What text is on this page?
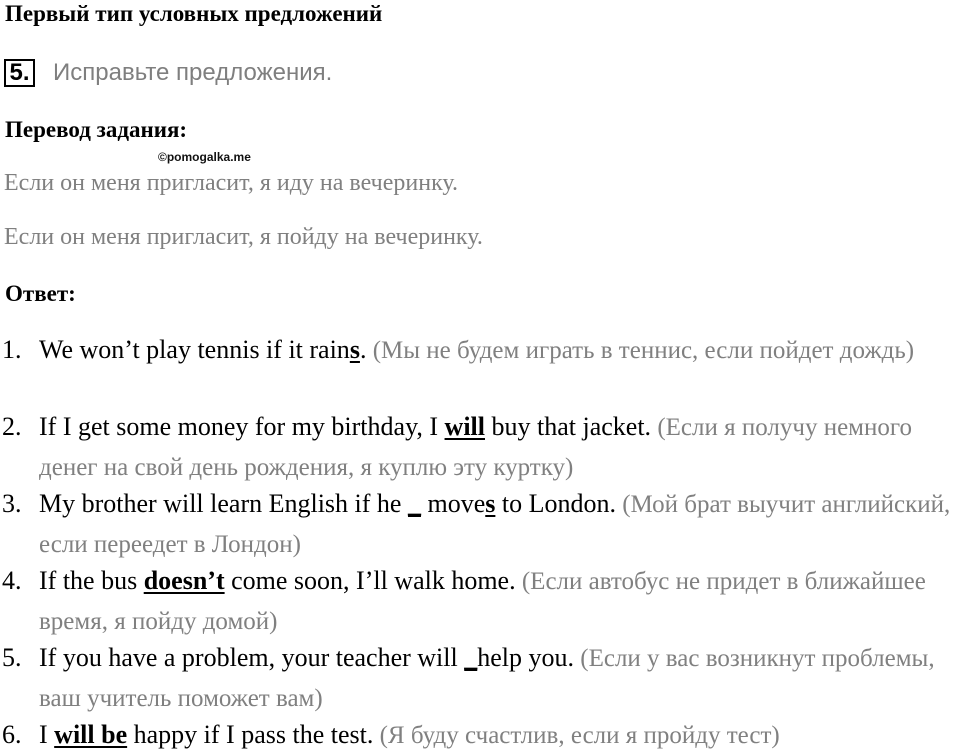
Первый тип условных предложений
5. Исправьте предложения.
Перевод задания:
©pomogalka.me
Если он меня пригласит, я иду на вечеринку.
Если он меня пригласит, я пойду на вечеринку.
Ответ:
1. We won’t play tennis if it rains. (Мы не будем играть в теннис, если пойдет дождь)
2. If I get some money for my birthday, I will buy that jacket. (Если я получу немного денег на свой день рождения, я куплю эту куртку)
3. My brother will learn English if he _ moves to London. (Мой брат выучит английский, если переедет в Лондон)
4. If the bus doesn’t come soon, I’ll walk home. (Если автобус не придет в ближайшее время, я пойду домой)
5. If you have a problem, your teacher will _help you. (Если у вас возникнут проблемы, ваш учитель поможет вам)
6. I will be happy if I pass the test. (Я буду счастлив, если я пройду тест)
